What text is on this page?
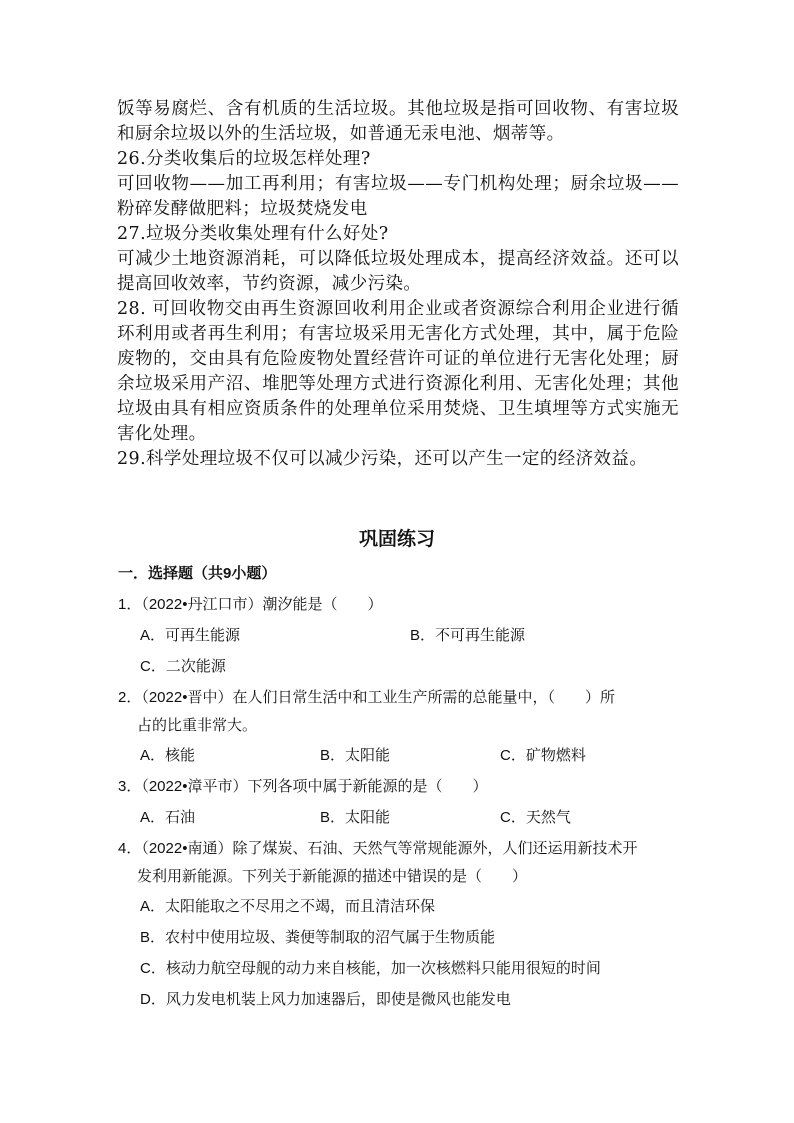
饭等易腐烂、含有机质的生活垃圾。其他垃圾是指可回收物、有害垃圾和厨余垃圾以外的生活垃圾，如普通无汞电池、烟蒂等。

26.分类收集后的垃圾怎样处理?

可回收物——加工再利用；有害垃圾——专门机构处理；厨余垃圾——粉碎发酵做肥料；垃圾焚烧发电

27.垃圾分类收集处理有什么好处?

可减少土地资源消耗，可以降低垃圾处理成本，提高经济效益。还可以提高回收效率，节约资源，减少污染。

28. 可回收物交由再生资源回收利用企业或者资源综合利用企业进行循环利用或者再生利用；有害垃圾采用无害化方式处理，其中，属于危险废物的，交由具有危险废物处置经营许可证的单位进行无害化处理；厨余垃圾采用产沼、堆肥等处理方式进行资源化利用、无害化处理；其他垃圾由具有相应资质条件的处理单位采用焚烧、卫生填埋等方式实施无害化处理。

29.科学处理垃圾不仅可以减少污染，还可以产生一定的经济效益。

巩固练习
一．选择题（共9小题）
1．（2022•丹江口市）潮汐能是（　　）
A．可再生能源	B．不可再生能源
C．二次能源
2．（2022•晋中）在人们日常生活中和工业生产所需的总能量中，（　　）所
占的比重非常大。
A．核能	B．太阳能	C．矿物燃料
3．（2022•漳平市）下列各项中属于新能源的是（　　）
A．石油	B．太阳能	C．天然气
4．（2022•南通）除了煤炭、石油、天然气等常规能源外，人们还运用新技术开
发利用新能源。下列关于新能源的描述中错误的是（　　）
A．太阳能取之不尽用之不竭，而且清洁环保
B．农村中使用垃圾、粪便等制取的沼气属于生物质能
C．核动力航空母舰的动力来自核能，加一次核燃料只能用很短的时间
D．风力发电机装上风力加速器后，即使是微风也能发电
